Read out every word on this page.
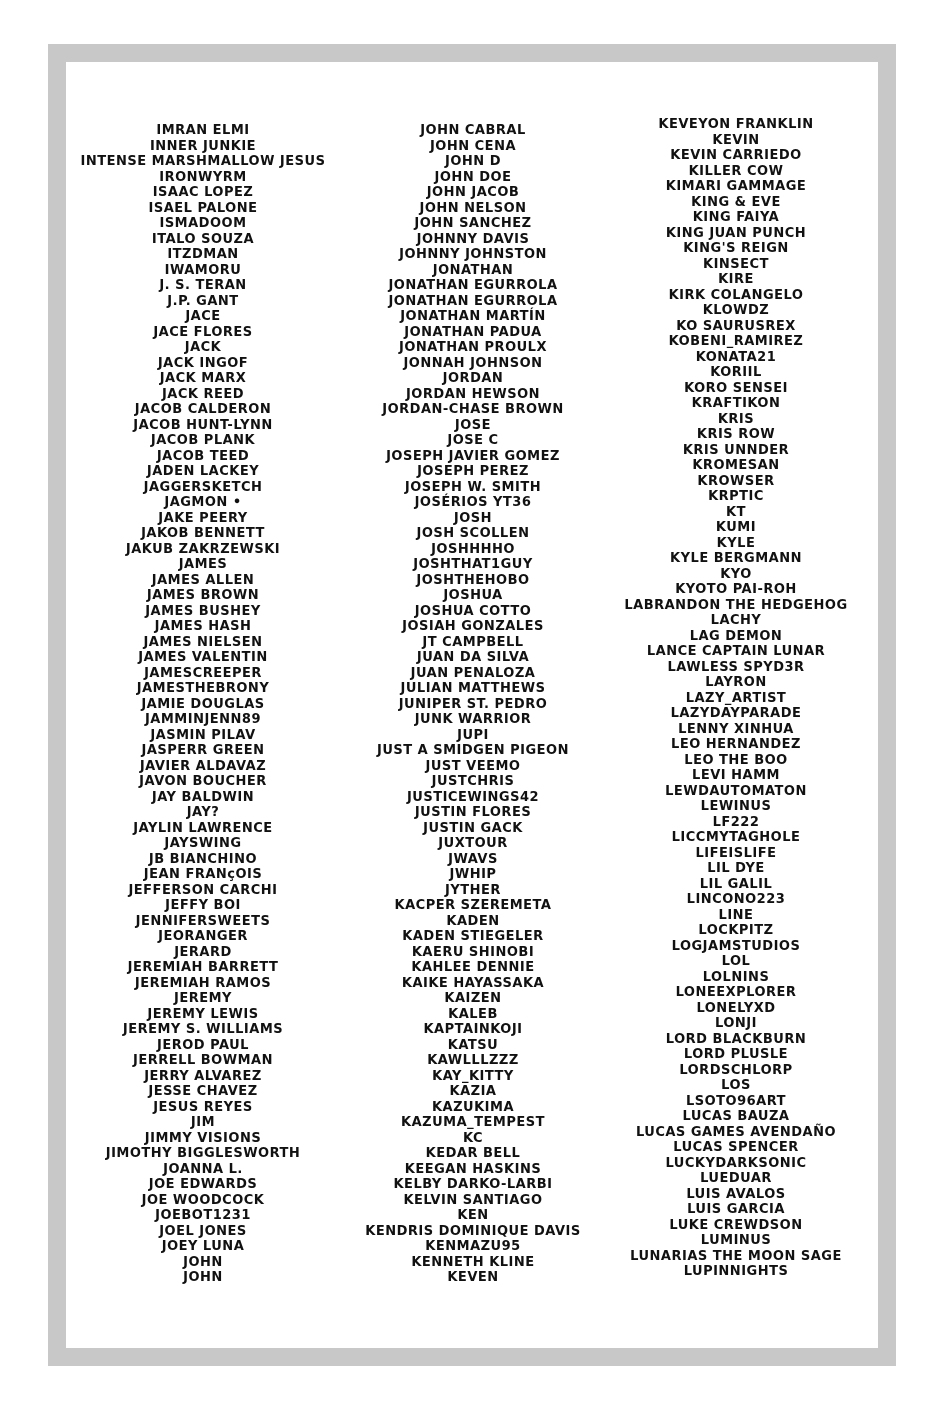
IMRAN ELMI
INNER JUNKIE
INTENSE MARSHMALLOW JESUS
IRONWYRM
ISAAC LOPEZ
ISAEL PALONE
ISMADOOM
ITALO SOUZA
ITZDMAN
IWAMORU
J. S. TERAN
J.P. GANT
JACE
JACE FLORES
JACK
JACK INGOF
JACK MARX
JACK REED
JACOB CALDERON
JACOB HUNT-LYNN
JACOB PLANK
JACOB TEED
JADEN LACKEY
JAGGERSKETCH
JAGMON •
JAKE PEERY
JAKOB BENNETT
JAKUB ZAKRZEWSKI
JAMES
JAMES ALLEN
JAMES BROWN
JAMES BUSHEY
JAMES HASH
JAMES NIELSEN
JAMES VALENTIN
JAMESCREEPER
JAMESTHEBRONY
JAMIE DOUGLAS
JAMMINJENN89
JASMIN PILAV
JASPERR GREEN
JAVIER ALDAVAZ
JAVON BOUCHER
JAY BALDWIN
JAY?
JAYLIN LAWRENCE
JAYSWING
JB BIANCHINO
JEAN FRANçOIS
JEFFERSON CARCHI
JEFFY BOI
JENNIFERSWEETS
JEORANGER
JERARD
JEREMIAH BARRETT
JEREMIAH RAMOS
JEREMY
JEREMY LEWIS
JEREMY S. WILLIAMS
JEROD PAUL
JERRELL BOWMAN
JERRY ALVAREZ
JESSE CHAVEZ
JESUS REYES
JIM
JIMMY VISIONS
JIMOTHY BIGGLESWORTH
JOANNA L.
JOE EDWARDS
JOE WOODCOCK
JOEBOT1231
JOEL JONES
JOEY LUNA
JOHN
JOHN
JOHN CABRAL
JOHN CENA
JOHN D
JOHN DOE
JOHN JACOB
JOHN NELSON
JOHN SANCHEZ
JOHNNY DAVIS
JOHNNY JOHNSTON
JONATHAN
JONATHAN EGURROLA
JONATHAN EGURROLA
JONATHAN MARTÍN
JONATHAN PADUA
JONATHAN PROULX
JONNAH JOHNSON
JORDAN
JORDAN HEWSON
JORDAN-CHASE BROWN
JOSE
JOSE C
JOSEPH JAVIER GOMEZ
JOSEPH PEREZ
JOSEPH W. SMITH
JOSÉRIOS YT36
JOSH
JOSH SCOLLEN
JOSHHHHO
JOSHTHAT1GUY
JOSHTHEHOBO
JOSHUA
JOSHUA COTTO
JOSIAH GONZALES
JT CAMPBELL
JUAN DA SILVA
JUAN PENALOZA
JULIAN MATTHEWS
JUNIPER ST. PEDRO
JUNK WARRIOR
JUPI
JUST A SMIDGEN PIGEON
JUST VEEMO
JUSTCHRIS
JUSTICEWINGS42
JUSTIN FLORES
JUSTIN GACK
JUXTOUR
JWAVS
JWHIP
JYTHER
KACPER SZEREMETA
KADEN
KADEN STIEGELER
KAERU SHINOBI
KAHLEE DENNIE
KAIKE HAYASSAKA
KAIZEN
KALEB
KAPTAINKOJI
KATSU
KAWLLLZZZ
KAY_KITTY
KAZIA
KAZUKIMA
KAZUMA_TEMPEST
KC
KEDAR BELL
KEEGAN HASKINS
KELBY DARKO-LARBI
KELVIN SANTIAGO
KEN
KENDRIS DOMINIQUE DAVIS
KENMAZU95
KENNETH KLINE
KEVEN
KEVEYON FRANKLIN
KEVIN
KEVIN CARRIEDO
KILLER COW
KIMARI GAMMAGE
KING & EVE
KING FAIYA
KING JUAN PUNCH
KING'S REIGN
KINSECT
KIRE
KIRK COLANGELO
KLOWDZ
KO SAURUSREX
KOBENI_RAMIREZ
KONATA21
KORIIL
KORO SENSEI
KRAFTIKON
KRIS
KRIS ROW
KRIS UNNDER
KROMESAN
KROWSER
KRPTIC
KT
KUMI
KYLE
KYLE BERGMANN
KYO
KYOTO PAI-ROH
LABRANDON THE HEDGEHOG
LACHY
LAG DEMON
LANCE CAPTAIN LUNAR
LAWLESS SPYD3R
LAYRON
LAZY_ARTIST
LAZYDAYPARADE
LENNY XINHUA
LEO HERNANDEZ
LEO THE BOO
LEVI HAMM
LEWDAUTOMATON
LEWINUS
LF222
LICCMYTAGHOLE
LIFEISLIFE
LIL DYE
LIL GALIL
LINCONO223
LINE
LOCKPITZ
LOGJAMSTUDIOS
LOL
LOLNINS
LONEEXPLORER
LONELYXD
LONJI
LORD BLACKBURN
LORD PLUSLE
LORDSCHLORP
LOS
LSOTO96ART
LUCAS BAUZA
LUCAS GAMES AVENDAÑO
LUCAS SPENCER
LUCKYDARKSONIC
LUEDUAR
LUIS AVALOS
LUIS GARCIA
LUKE CREWDSON
LUMINUS
LUNARIAS THE MOON SAGE
LUPINNIGHTS
